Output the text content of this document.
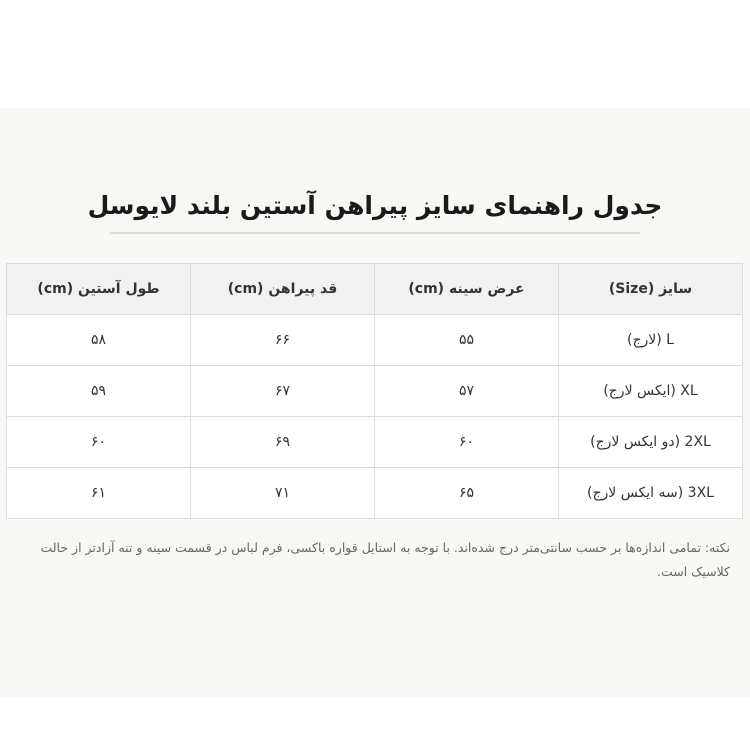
جدول راهنمای سایز پیراهن آستین بلند لایوسل
سایز (Size)	عرض سینه (cm)	قد پیراهن (cm)	طول آستین (cm)
L (لارج)	۵۵	۶۶	۵۸
XL (ایکس لارج)	۵۷	۶۷	۵۹
2XL (دو ایکس لارج)	۶۰	۶۹	۶۰
3XL (سه ایکس لارج)	۶۵	۷۱	۶۱

نکته: تمامی اندازه‌ها بر حسب سانتی‌متر درج شده‌اند. با توجه به استایل قواره باکسی، فرم لباس در قسمت سینه و تنه آزادتر از حالت کلاسیک است.
